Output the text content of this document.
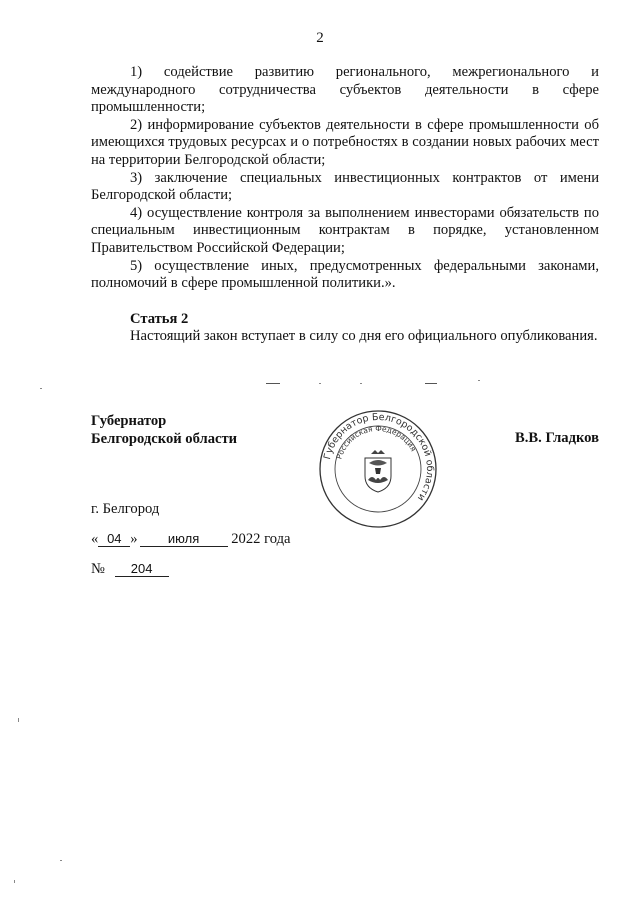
2

1) содействие развитию регионального, межрегионального и международного сотрудничества субъектов деятельности в сфере промышленности;

2) информирование субъектов деятельности в сфере промышленности об имеющихся трудовых ресурсах и о потребностях в создании новых рабочих мест на территории Белгородской области;

3) заключение специальных инвестиционных контрактов от имени Белгородской области;

4) осуществление контроля за выполнением инвесторами обязательств по специальным инвестиционным контрактам в порядке, установленном Правительством Российской Федерации;

5) осуществление иных, предусмотренных федеральными законами, полномочий в сфере промышленной политики.».

Статья 2

Настоящий закон вступает в силу со дня его официального опубликования.

Губернатор
Белгородской области
Губернатор Белгородской области
Российская Федерация
В.В. Гладков
г. Белгород
« 04 » июля 2022 года
№ 204
